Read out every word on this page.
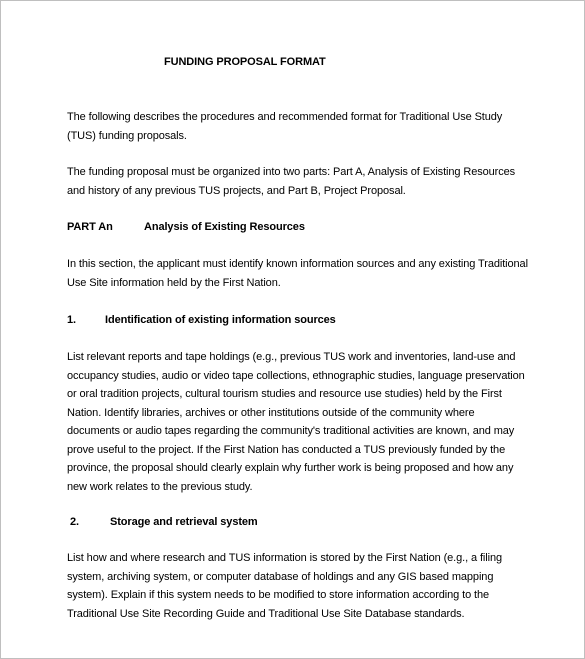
FUNDING PROPOSAL FORMAT

The following describes the procedures and recommended format for Traditional Use Study
(TUS) funding proposals.

The funding proposal must be organized into two parts: Part A, Analysis of Existing Resources
and history of any previous TUS projects, and Part B, Project Proposal.

PART An	Analysis of Existing Resources

In this section, the applicant must identify known information sources and any existing Traditional
Use Site information held by the First Nation.

1.	Identification of existing information sources

List relevant reports and tape holdings (e.g., previous TUS work and inventories, land-use and
occupancy studies, audio or video tape collections, ethnographic studies, language preservation
or oral tradition projects, cultural tourism studies and resource use studies) held by the First
Nation. Identify libraries, archives or other institutions outside of the community where
documents or audio tapes regarding the community's traditional activities are known, and may
prove useful to the project. If the First Nation has conducted a TUS previously funded by the
province, the proposal should clearly explain why further work is being proposed and how any
new work relates to the previous study.

2.	Storage and retrieval system

List how and where research and TUS information is stored by the First Nation (e.g., a filing
system, archiving system, or computer database of holdings and any GIS based mapping
system). Explain if this system needs to be modified to store information according to the
Traditional Use Site Recording Guide and Traditional Use Site Database standards.
